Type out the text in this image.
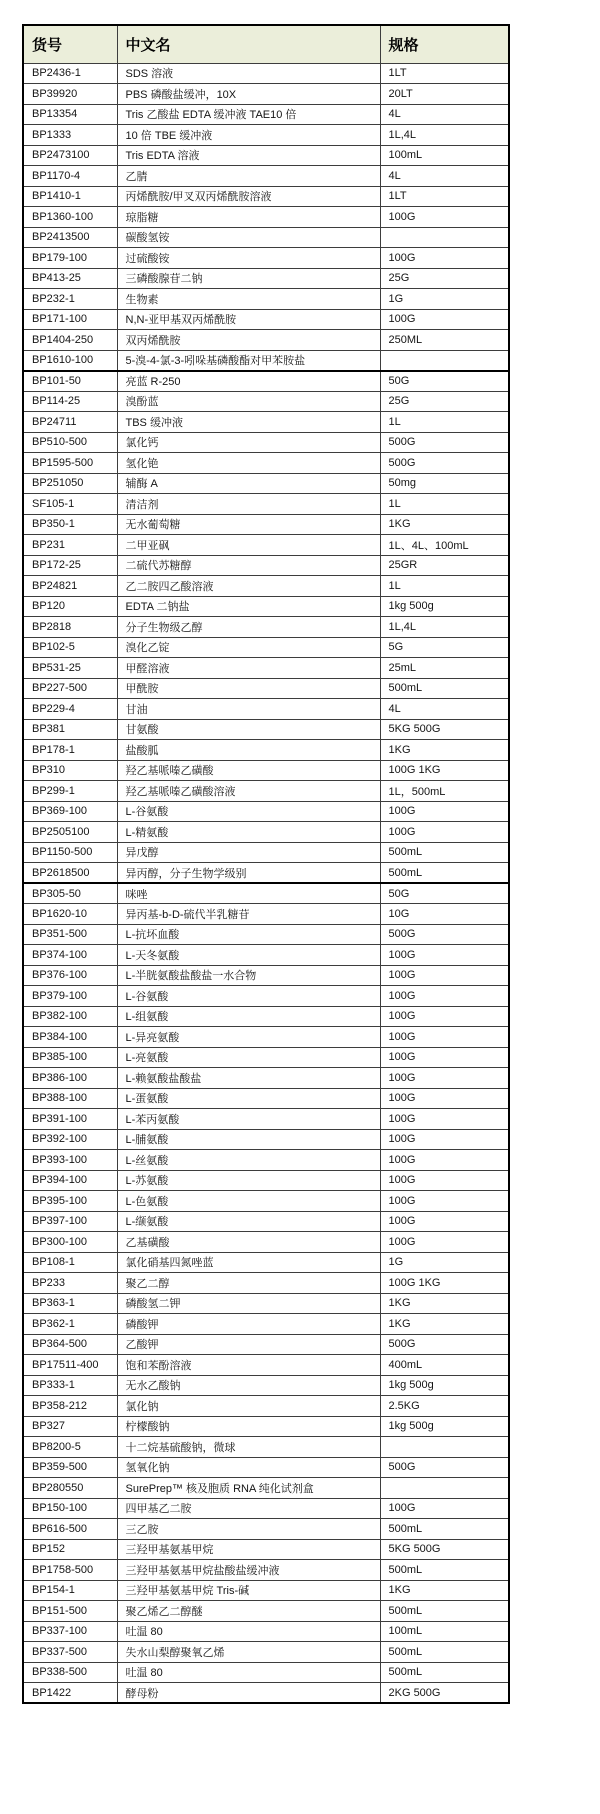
货号	中文名	规格
BP2436-1	SDS 溶液	1LT
BP39920	PBS 磷酸盐缓冲，10X	20LT
BP13354	Tris 乙酸盐 EDTA 缓冲液 TAE10 倍	4L
BP1333	10 倍 TBE 缓冲液	1L,4L
BP2473100	Tris EDTA 溶液	100mL
BP1170-4	乙腈	4L
BP1410-1	丙烯酰胺/甲叉双丙烯酰胺溶液	1LT
BP1360-100	琼脂糖	100G
BP2413500	碳酸氢铵	
BP179-100	过硫酸铵	100G
BP413-25	三磷酸腺苷二钠	25G
BP232-1	生物素	1G
BP171-100	N,N-亚甲基双丙烯酰胺	100G
BP1404-250	双丙烯酰胺	250ML
BP1610-100	5-溴-4-氯-3-吲哚基磷酸酯对甲苯胺盐	
BP101-50	亮蓝 R-250	50G
BP114-25	溴酚蓝	25G
BP24711	TBS 缓冲液	1L
BP510-500	氯化钙	500G
BP1595-500	氢化铯	500G
BP251050	辅酶 A	50mg
SF105-1	清洁剂	1L
BP350-1	无水葡萄糖	1KG
BP231	二甲亚砜	1L、4L、100mL
BP172-25	二硫代苏糖醇	25GR
BP24821	乙二胺四乙酸溶液	1L
BP120	EDTA 二钠盐	1kg 500g
BP2818	分子生物级乙醇	1L,4L
BP102-5	溴化乙锭	5G
BP531-25	甲醛溶液	25mL
BP227-500	甲酰胺	500mL
BP229-4	甘油	4L
BP381	甘氨酸	5KG 500G
BP178-1	盐酸胍	1KG
BP310	羟乙基哌嗪乙磺酸	100G 1KG
BP299-1	羟乙基哌嗪乙磺酸溶液	1L，500mL
BP369-100	L-谷氨酸	100G
BP2505100	L-精氨酸	100G
BP1150-500	异戊醇	500mL
BP2618500	异丙醇，分子生物学级别	500mL
BP305-50	咪唑	50G
BP1620-10	异丙基-b-D-硫代半乳糖苷	10G
BP351-500	L-抗坏血酸	500G
BP374-100	L-天冬氨酸	100G
BP376-100	L-半胱氨酸盐酸盐一水合物	100G
BP379-100	L-谷氨酸	100G
BP382-100	L-组氨酸	100G
BP384-100	L-异亮氨酸	100G
BP385-100	L-亮氨酸	100G
BP386-100	L-赖氨酸盐酸盐	100G
BP388-100	L-蛋氨酸	100G
BP391-100	L-苯丙氨酸	100G
BP392-100	L-脯氨酸	100G
BP393-100	L-丝氨酸	100G
BP394-100	L-苏氨酸	100G
BP395-100	L-色氨酸	100G
BP397-100	L-缬氨酸	100G
BP300-100	乙基磺酸	100G
BP108-1	氯化硝基四氮唑蓝	1G
BP233	聚乙二醇	100G 1KG
BP363-1	磷酸氢二钾	1KG
BP362-1	磷酸钾	1KG
BP364-500	乙酸钾	500G
BP17511-400	饱和苯酚溶液	400mL
BP333-1	无水乙酸钠	1kg 500g
BP358-212	氯化钠	2.5KG
BP327	柠檬酸钠	1kg 500g
BP8200-5	十二烷基硫酸钠，微球	
BP359-500	氢氧化钠	500G
BP280550	SurePrep™ 核及胞质 RNA 纯化试剂盒	
BP150-100	四甲基乙二胺	100G
BP616-500	三乙胺	500mL
BP152	三羟甲基氨基甲烷	5KG 500G
BP1758-500	三羟甲基氨基甲烷盐酸盐缓冲液	500mL
BP154-1	三羟甲基氨基甲烷 Tris-碱	1KG
BP151-500	聚乙烯乙二醇醚	500mL
BP337-100	吐温 80	100mL
BP337-500	失水山梨醇聚氧乙烯	500mL
BP338-500	吐温 80	500mL
BP1422	酵母粉	2KG 500G
